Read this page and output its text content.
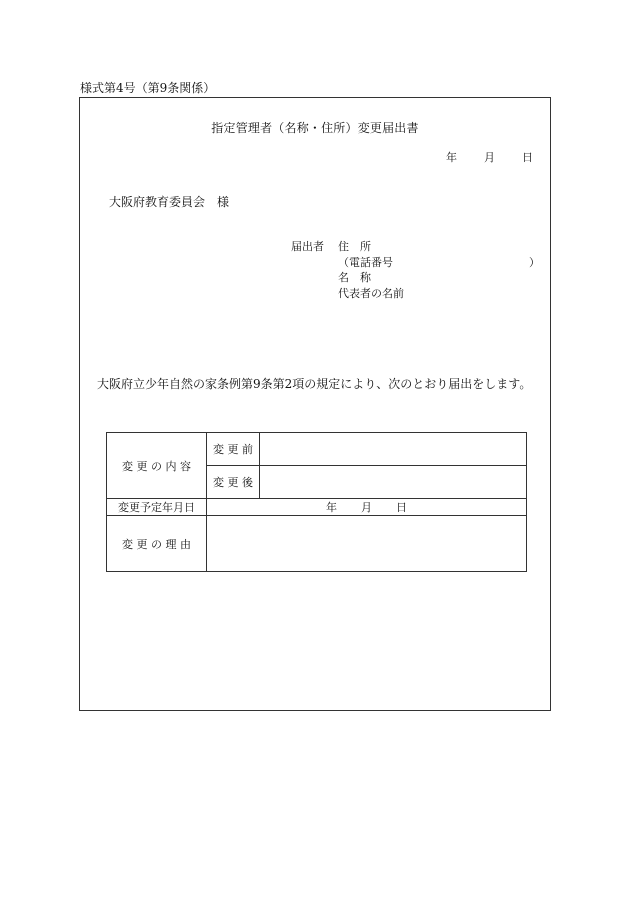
様式第4号（第9条関係）
指定管理者（名称・住所）変更届出書
年 月 日
大阪府教育委員会　様
届出者 住　所
（電話番号	）
名　称
代表者の名前
大阪府立少年自然の家条例第9条第2項の規定により、次のとおり届出をします。
変 更 の 内 容	変 更 前	
	変 更 後	
変更予定年月日	年 月 日	
変 更 の 理 由		
